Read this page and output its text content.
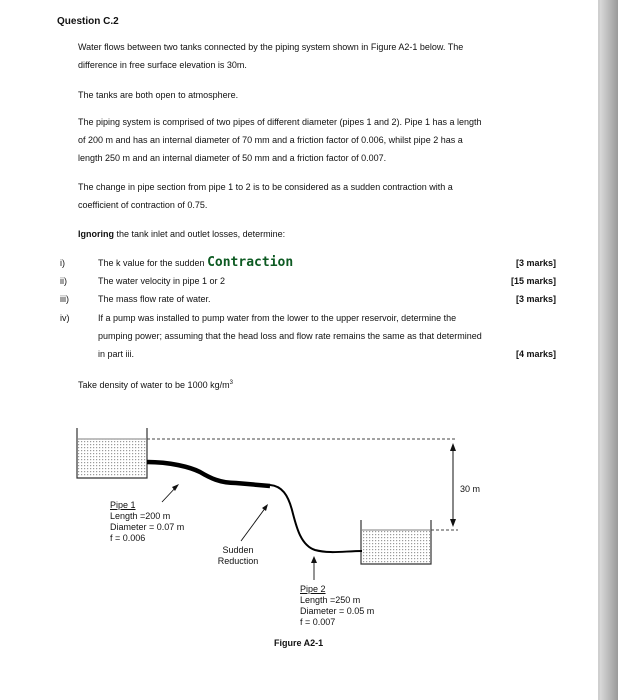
Question C.2
Water flows between two tanks connected by the piping system shown in Figure A2-1 below. The
difference in free surface elevation is 30m.
The tanks are both open to atmosphere.
The piping system is comprised of two pipes of different diameter (pipes 1 and 2). Pipe 1 has a length
of 200 m and has an internal diameter of 70 mm and a friction factor of 0.006, whilst pipe 2 has a
length 250 m and an internal diameter of 50 mm and a friction factor of 0.007.
The change in pipe section from pipe 1 to 2 is to be considered as a sudden contraction with a
coefficient of contraction of 0.75.
Ignoring the tank inlet and outlet losses, determine:
i)	The k value for the sudden Contraction	[3 marks]
ii)	The water velocity in pipe 1 or 2	[15 marks]
iii)	The mass flow rate of water.	[3 marks]
iv)	If a pump was installed to pump water from the lower to the upper reservoir, determine the
pumping power; assuming that the head loss and flow rate remains the same as that determined
in part iii.	[4 marks]
Take density of water to be 1000 $kg/m^3$
30 m
Pipe 1
Length =200 m
Diameter = 0.07 m
f = 0.006
Sudden
Reduction
Pipe 2
Length =250 m
Diameter = 0.05 m
f = 0.007
Figure A2-1
